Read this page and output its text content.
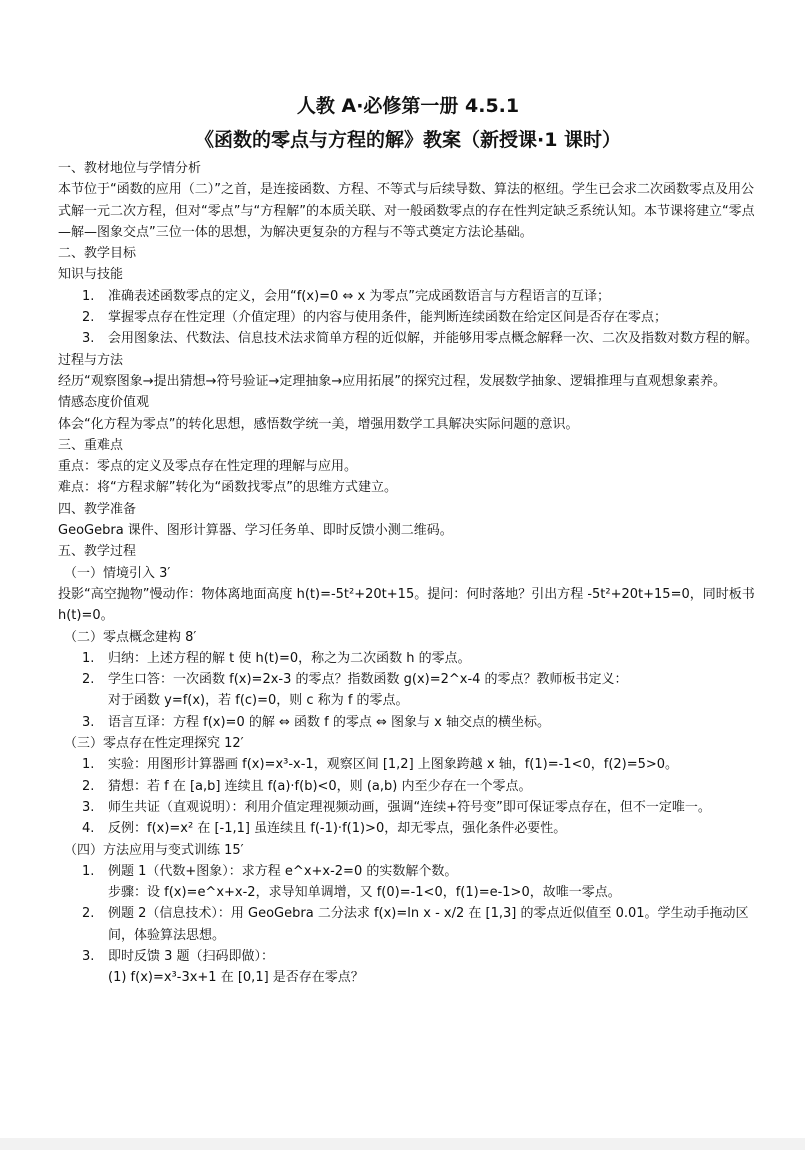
人教 A·必修第一册 4.5.1
《函数的零点与方程的解》教案（新授课·1 课时）

一、教材地位与学情分析

本节位于“函数的应用（二）”之首，是连接函数、方程、不等式与后续导数、算法的枢纽。学生已会求二次函数零点及用公式解一元二次方程，但对“零点”与“方程解”的本质关联、对一般函数零点的存在性判定缺乏系统认知。本节课将建立“零点—解—图象交点”三位一体的思想，为解决更复杂的方程与不等式奠定方法论基础。

二、教学目标

知识与技能

1. 准确表述函数零点的定义，会用“f(x)=0 ⇔ x 为零点”完成函数语言与方程语言的互译；
2. 掌握零点存在性定理（介值定理）的内容与使用条件，能判断连续函数在给定区间是否存在零点；
3. 会用图象法、代数法、信息技术法求简单方程的近似解，并能够用零点概念解释一次、二次及指数对数方程的解。

过程与方法

经历“观察图象→提出猜想→符号验证→定理抽象→应用拓展”的探究过程，发展数学抽象、逻辑推理与直观想象素养。

情感态度价值观

体会“化方程为零点”的转化思想，感悟数学统一美，增强用数学工具解决实际问题的意识。

三、重难点

重点：零点的定义及零点存在性定理的理解与应用。

难点：将“方程求解”转化为“函数找零点”的思维方式建立。

四、教学准备

GeoGebra 课件、图形计算器、学习任务单、即时反馈小测二维码。

五、教学过程

（一）情境引入 3′

投影“高空抛物”慢动作：物体离地面高度 h(t)=-5t²+20t+15。提问：何时落地？引出方程 -5t²+20t+15=0，同时板书 h(t)=0。

（二）零点概念建构 8′

1. 归纳：上述方程的解 t 使 h(t)=0，称之为二次函数 h 的零点。
2. 学生口答：一次函数 f(x)=2x-3 的零点？指数函数 g(x)=2^x-4 的零点？教师板书定义：
对于函数 y=f(x)，若 f(c)=0，则 c 称为 f 的零点。
3. 语言互译：方程 f(x)=0 的解 ⇔ 函数 f 的零点 ⇔ 图象与 x 轴交点的横坐标。

（三）零点存在性定理探究 12′

1. 实验：用图形计算器画 f(x)=x³-x-1，观察区间 [1,2] 上图象跨越 x 轴，f(1)=-1<0，f(2)=5>0。
2. 猜想：若 f 在 [a,b] 连续且 f(a)·f(b)<0，则 (a,b) 内至少存在一个零点。
3. 师生共证（直观说明）：利用介值定理视频动画，强调“连续+符号变”即可保证零点存在，但不一定唯一。
4. 反例：f(x)=x² 在 [-1,1] 虽连续且 f(-1)·f(1)>0，却无零点，强化条件必要性。

（四）方法应用与变式训练 15′

1. 例题 1（代数+图象）：求方程 e^x+x-2=0 的实数解个数。
步骤：设 f(x)=e^x+x-2，求导知单调增，又 f(0)=-1<0，f(1)=e-1>0，故唯一零点。
2. 例题 2（信息技术）：用 GeoGebra 二分法求 f(x)=ln x - x/2 在 [1,3] 的零点近似值至 0.01。学生动手拖动区间，体验算法思想。
3. 即时反馈 3 题（扫码即做）：
(1) f(x)=x³-3x+1 在 [0,1] 是否存在零点？
